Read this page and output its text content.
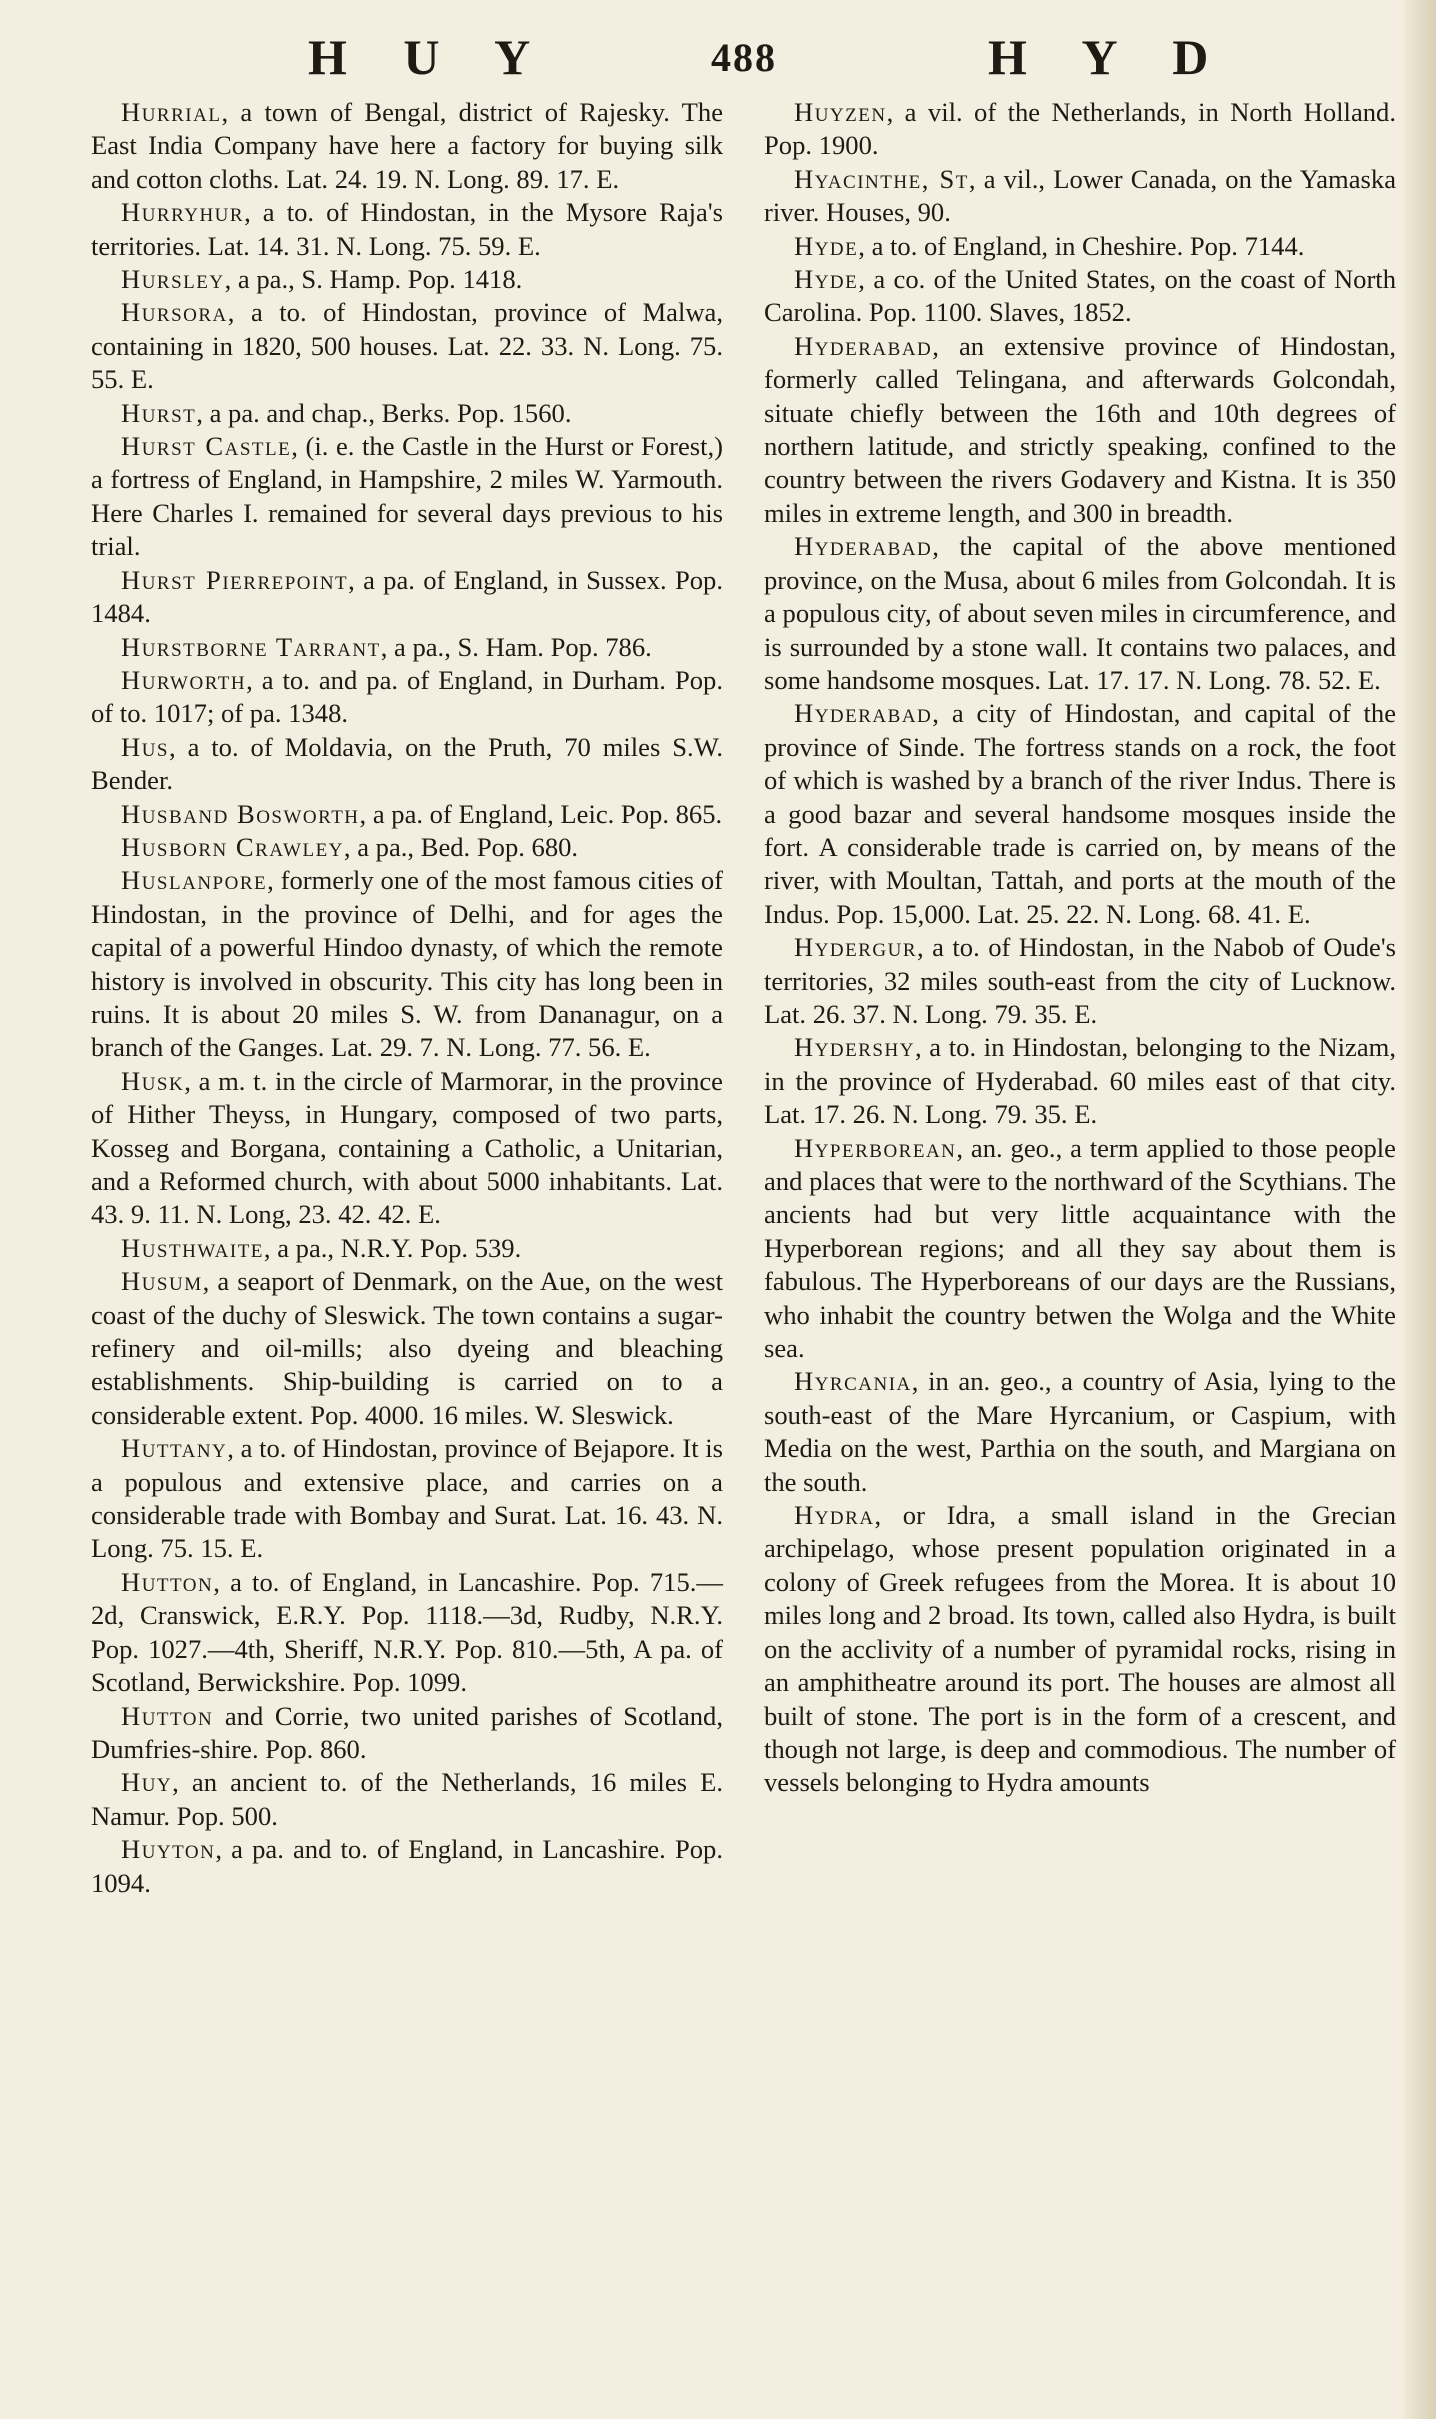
H U Y	488	H Y D

Hurrial, a town of Bengal, district of Rajesky. The East India Company have here a factory for buying silk and cotton cloths. Lat. 24. 19. N. Long. 89. 17. E.

Hurryhur, a to. of Hindostan, in the Mysore Raja's territories. Lat. 14. 31. N. Long. 75. 59. E.

Hursley, a pa., S. Hamp. Pop. 1418.

Hursora, a to. of Hindostan, province of Malwa, containing in 1820, 500 houses. Lat. 22. 33. N. Long. 75. 55. E.

Hurst, a pa. and chap., Berks. Pop. 1560.

Hurst Castle, (i. e. the Castle in the Hurst or Forest,) a fortress of England, in Hampshire, 2 miles W. Yarmouth. Here Charles I. remained for several days previous to his trial.

Hurst Pierrepoint, a pa. of England, in Sussex. Pop. 1484.

Hurstborne Tarrant, a pa., S. Ham. Pop. 786.

Hurworth, a to. and pa. of England, in Durham. Pop. of to. 1017; of pa. 1348.

Hus, a to. of Moldavia, on the Pruth, 70 miles S.W. Bender.

Husband Bosworth, a pa. of England, Leic. Pop. 865.

Husborn Crawley, a pa., Bed. Pop. 680.

Huslanpore, formerly one of the most famous cities of Hindostan, in the province of Delhi, and for ages the capital of a powerful Hindoo dynasty, of which the remote history is involved in obscurity. This city has long been in ruins. It is about 20 miles S. W. from Dananagur, on a branch of the Ganges. Lat. 29. 7. N. Long. 77. 56. E.

Husk, a m. t. in the circle of Marmorar, in the province of Hither Theyss, in Hungary, composed of two parts, Kosseg and Borgana, containing a Catholic, a Unitarian, and a Reformed church, with about 5000 inhabitants. Lat. 43. 9. 11. N. Long, 23. 42. 42. E.

Husthwaite, a pa., N.R.Y. Pop. 539.

Husum, a seaport of Denmark, on the Aue, on the west coast of the duchy of Sleswick. The town contains a sugar-refinery and oil-mills; also dyeing and bleaching establishments. Ship-building is carried on to a considerable extent. Pop. 4000. 16 miles. W. Sleswick.

Huttany, a to. of Hindostan, province of Bejapore. It is a populous and extensive place, and carries on a considerable trade with Bombay and Surat. Lat. 16. 43. N. Long. 75. 15. E.

Hutton, a to. of England, in Lancashire. Pop. 715.—2d, Cranswick, E.R.Y. Pop. 1118.—3d, Rudby, N.R.Y. Pop. 1027.—4th, Sheriff, N.R.Y. Pop. 810.—5th, A pa. of Scotland, Berwickshire. Pop. 1099.

Hutton and Corrie, two united parishes of Scotland, Dumfries-shire. Pop. 860.

Huy, an ancient to. of the Netherlands, 16 miles E. Namur. Pop. 500.

Huyton, a pa. and to. of England, in Lancashire. Pop. 1094.

Huyzen, a vil. of the Netherlands, in North Holland. Pop. 1900.

Hyacinthe, St, a vil., Lower Canada, on the Yamaska river. Houses, 90.

Hyde, a to. of England, in Cheshire. Pop. 7144.

Hyde, a co. of the United States, on the coast of North Carolina. Pop. 1100. Slaves, 1852.

Hyderabad, an extensive province of Hindostan, formerly called Telingana, and afterwards Golcondah, situate chiefly between the 16th and 10th degrees of northern latitude, and strictly speaking, confined to the country between the rivers Godavery and Kistna. It is 350 miles in extreme length, and 300 in breadth.

Hyderabad, the capital of the above mentioned province, on the Musa, about 6 miles from Golcondah. It is a populous city, of about seven miles in circumference, and is surrounded by a stone wall. It contains two palaces, and some handsome mosques. Lat. 17. 17. N. Long. 78. 52. E.

Hyderabad, a city of Hindostan, and capital of the province of Sinde. The fortress stands on a rock, the foot of which is washed by a branch of the river Indus. There is a good bazar and several handsome mosques inside the fort. A considerable trade is carried on, by means of the river, with Moultan, Tattah, and ports at the mouth of the Indus. Pop. 15,000. Lat. 25. 22. N. Long. 68. 41. E.

Hydergur, a to. of Hindostan, in the Nabob of Oude's territories, 32 miles south-east from the city of Lucknow. Lat. 26. 37. N. Long. 79. 35. E.

Hydershy, a to. in Hindostan, belonging to the Nizam, in the province of Hyderabad. 60 miles east of that city. Lat. 17. 26. N. Long. 79. 35. E.

Hyperborean, an. geo., a term applied to those people and places that were to the northward of the Scythians. The ancients had but very little acquaintance with the Hyperborean regions; and all they say about them is fabulous. The Hyperboreans of our days are the Russians, who inhabit the country betwen the Wolga and the White sea.

Hyrcania, in an. geo., a country of Asia, lying to the south-east of the Mare Hyrcanium, or Caspium, with Media on the west, Parthia on the south, and Margiana on the south.

Hydra, or Idra, a small island in the Grecian archipelago, whose present population originated in a colony of Greek refugees from the Morea. It is about 10 miles long and 2 broad. Its town, called also Hydra, is built on the acclivity of a number of pyramidal rocks, rising in an amphitheatre around its port. The houses are almost all built of stone. The port is in the form of a crescent, and though not large, is deep and commodious. The number of vessels belonging to Hydra amounts
